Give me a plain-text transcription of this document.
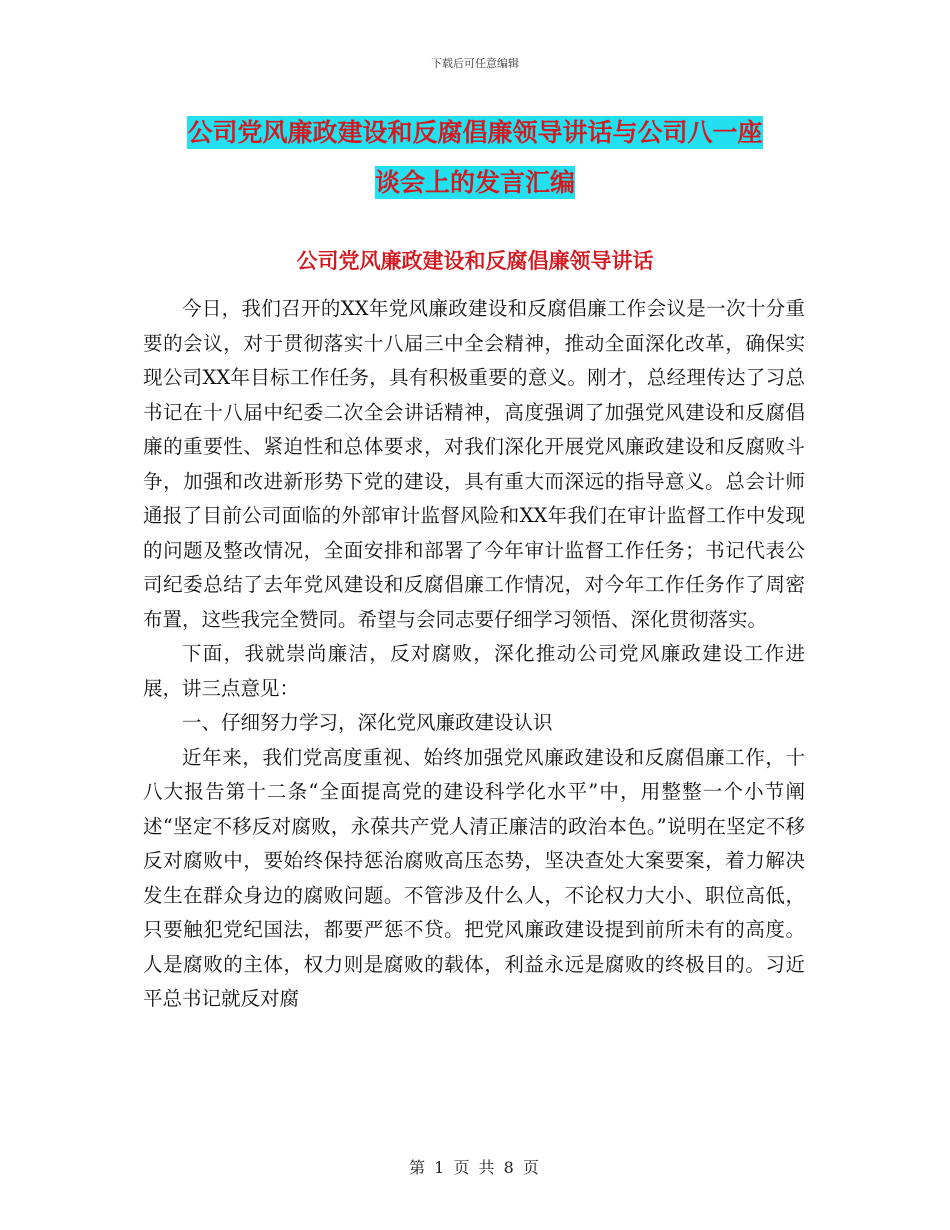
下载后可任意编辑
公司党风廉政建设和反腐倡廉领导讲话与公司八一座
谈会上的发言汇编
公司党风廉政建设和反腐倡廉领导讲话

今日，我们召开的XX年党风廉政建设和反腐倡廉工作会议是一次十分重要的会议，对于贯彻落实十八届三中全会精神，推动全面深化改革，确保实现公司XX年目标工作任务，具有积极重要的意义。刚才，总经理传达了习总书记在十八届中纪委二次全会讲话精神，高度强调了加强党风建设和反腐倡廉的重要性、紧迫性和总体要求，对我们深化开展党风廉政建设和反腐败斗争，加强和改进新形势下党的建设，具有重大而深远的指导意义。总会计师通报了目前公司面临的外部审计监督风险和XX年我们在审计监督工作中发现的问题及整改情况，全面安排和部署了今年审计监督工作任务；书记代表公司纪委总结了去年党风建设和反腐倡廉工作情况，对今年工作任务作了周密布置，这些我完全赞同。希望与会同志要仔细学习领悟、深化贯彻落实。

下面，我就崇尚廉洁，反对腐败，深化推动公司党风廉政建设工作进展，讲三点意见：

一、仔细努力学习，深化党风廉政建设认识

近年来，我们党高度重视、始终加强党风廉政建设和反腐倡廉工作，十八大报告第十二条“全面提高党的建设科学化水平”中，用整整一个小节阐述“坚定不移反对腐败，永葆共产党人清正廉洁的政治本色。”说明在坚定不移反对腐败中，要始终保持惩治腐败高压态势，坚决查处大案要案，着力解决发生在群众身边的腐败问题。不管涉及什么人，不论权力大小、职位高低，只要触犯党纪国法，都要严惩不贷。把党风廉政建设提到前所未有的高度。人是腐败的主体，权力则是腐败的载体，利益永远是腐败的终极目的。习近平总书记就反对腐

第 1 页 共 8 页
